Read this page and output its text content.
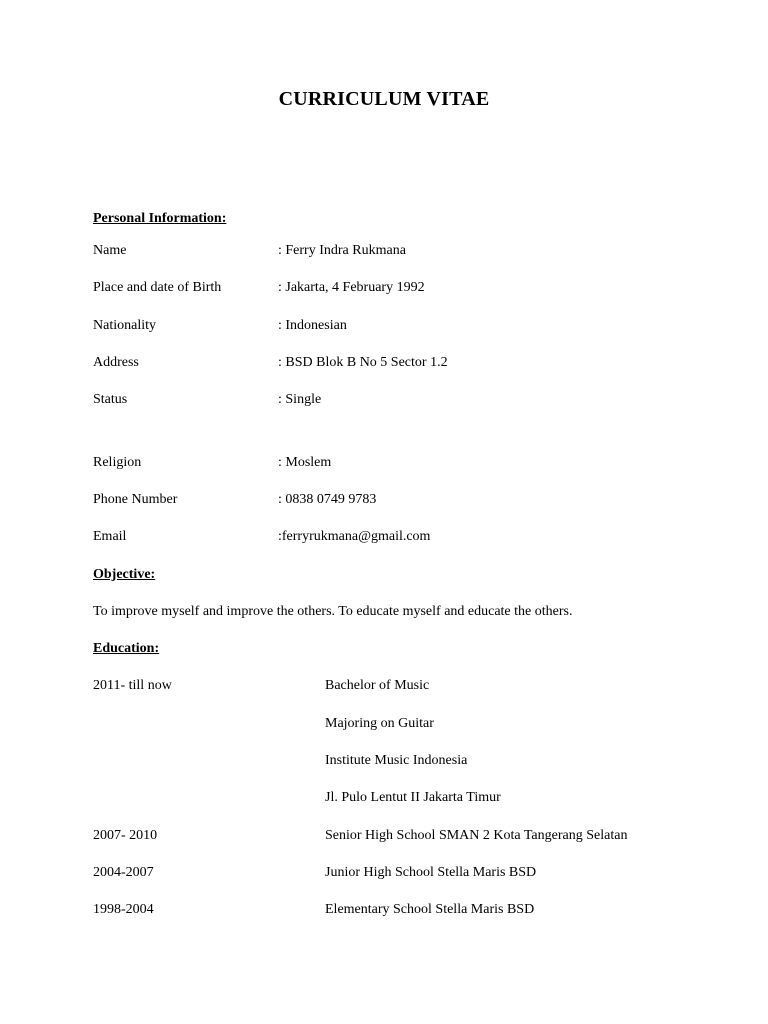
CURRICULUM VITAE
Personal Information:
Name	: Ferry Indra Rukmana
Place and date of Birth	: Jakarta, 4 February 1992
Nationality	: Indonesian
Address	: BSD Blok B No 5 Sector 1.2
Status	: Single
Religion	: Moslem
Phone Number	: 0838 0749 9783
Email	:ferryrukmana@gmail.com
Objective:
To improve myself and improve the others. To educate myself and educate the others.
Education:
2011- till now	Bachelor of Music
Majoring on Guitar
Institute Music Indonesia
Jl. Pulo Lentut II Jakarta Timur
2007- 2010	Senior High School SMAN 2 Kota Tangerang Selatan
2004-2007	Junior High School Stella Maris BSD
1998-2004	Elementary School Stella Maris BSD
